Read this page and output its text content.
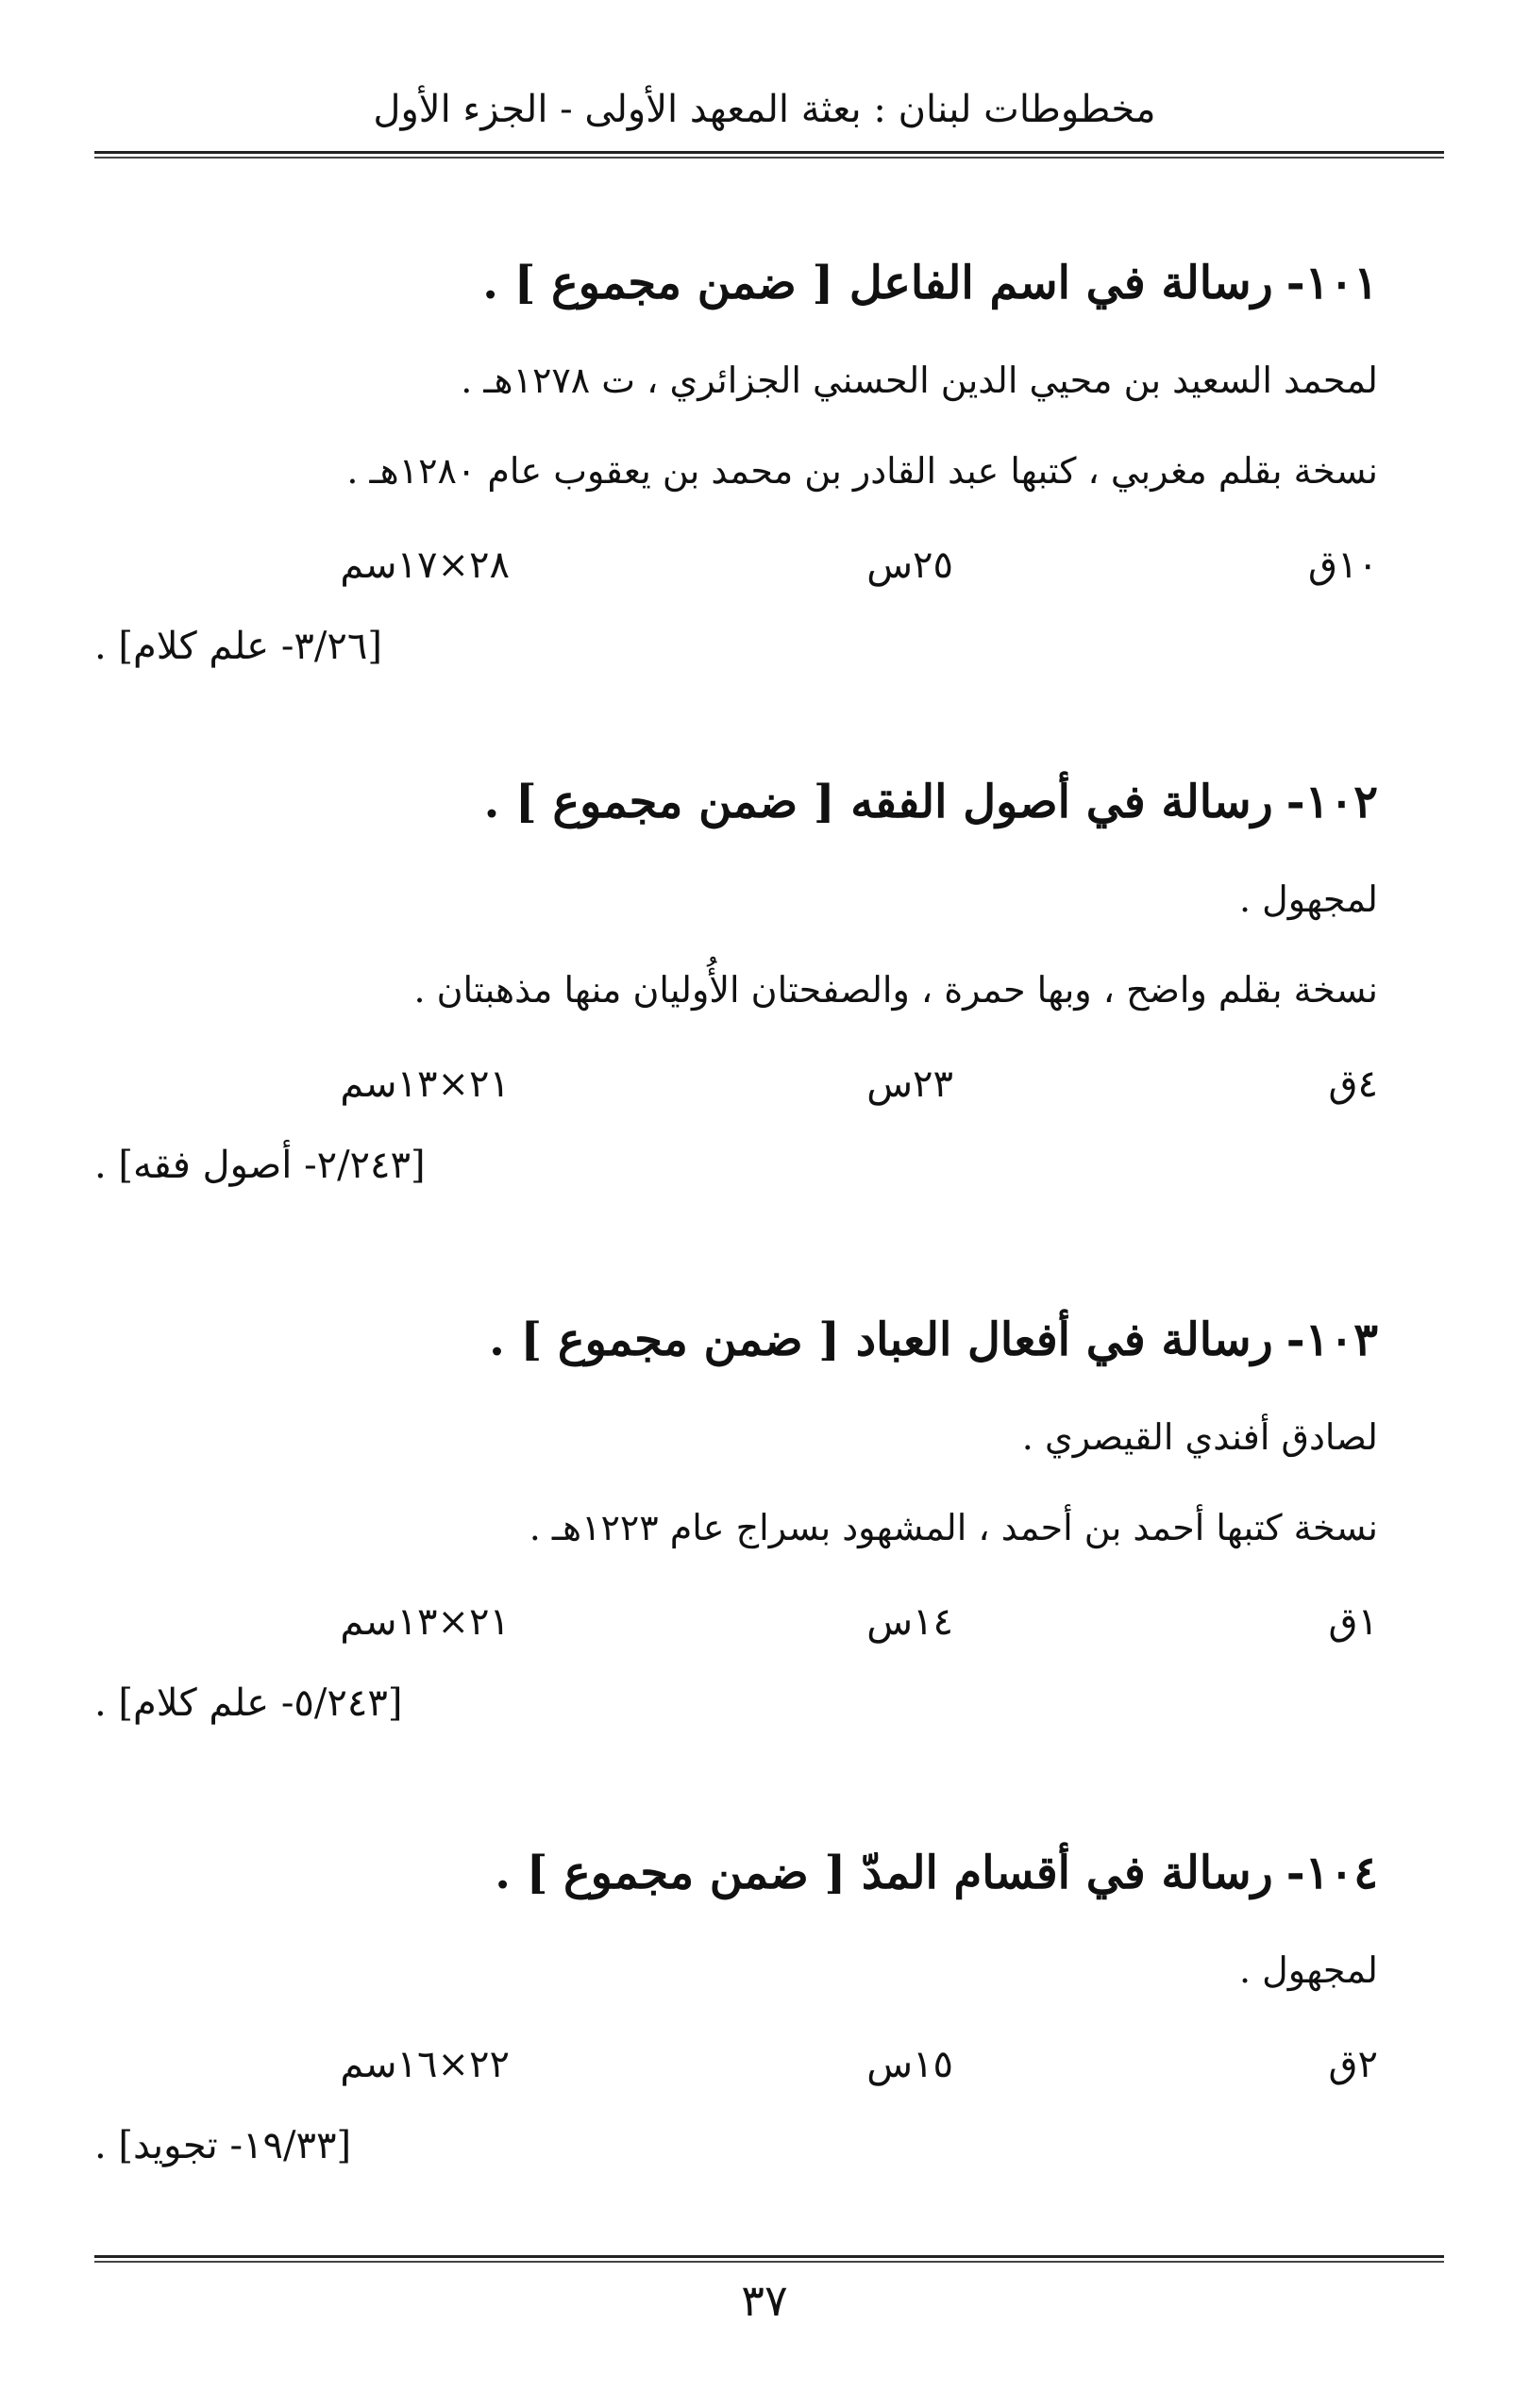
مخطوطات لبنان : بعثة المعهد الأولى - الجزء الأول
١٠١-رسالة في اسم الفاعل [ ضمن مجموع ] .
لمحمد السعيد بن محيي الدين الحسني الجزائري ، ت ١٢٧٨هـ .
نسخة بقلم مغربي ، كتبها عبد القادر بن محمد بن يعقوب عام ١٢٨٠هـ .
١٠ق
٢٥س
٢٨×١٧سم
[٣/٢٦- علم كلام] .
١٠٢-رسالة في أصول الفقه [ ضمن مجموع ] .
لمجهول .
نسخة بقلم واضح ، وبها حمرة ، والصفحتان الأُوليان منها مذهبتان .
٤ق
٢٣س
٢١×١٣سم
[٢/٢٤٣- أصول فقه] .
١٠٣-رسالة في أفعال العباد [ ضمن مجموع ] .
لصادق أفندي القيصري .
نسخة كتبها أحمد بن أحمد ، المشهود بسراج عام ١٢٢٣هـ .
١ق
١٤س
٢١×١٣سم
[٥/٢٤٣- علم كلام] .
١٠٤-رسالة في أقسام المدّ [ ضمن مجموع ] .
لمجهول .
٢ق
١٥س
٢٢×١٦سم
[١٩/٣٣- تجويد] .
٣٧
